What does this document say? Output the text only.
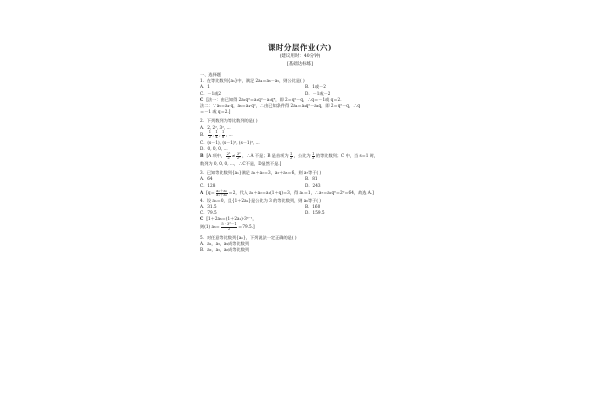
课时分层作业(六)
(建议用时：40分钟)
[基础达标练]
一、选择题
1．在等比数列{aₙ}中，满足 2a₄＝a₆－a₅，则公比是( )
A．1	B．1或－2
C．－1或2	D．－1或－2
C [法一：由已知得 2a₁q³＝a₁q⁵－a₁q⁴，即 2＝q²－q，∴q＝－1或 q＝2.
法二：∵a₅＝a₄·q，a₆＝a₄·q²，∴由已知条件得 2a₄＝a₄q²－a₄q，即 2＝q²－q，∴q
＝－1 或 q＝2.]
2．下列数列为等比数列的是( )
A．2, 2², 3², …
B． $\frac{1}{2}$ , $\frac{1}{4}$ , $\frac{1}{8}$ , …
C．(s－1), (s－1)², (s－1)³, …
D．0, 0, 0, …
B [A 项中， $\frac{\text{2²}}{2} \ne \frac{\text{3²}}{\text{2²}}$ ，∴A 不是；B 是首项为 $\frac{1}{2}$ ，公比为 $\frac{1}{2}$ 的等比数列；C 中，当 s＝1 时，
数列为 0, 0, 0, …，∴C不是，D显然不是.]
3．已知等比数列{aₙ}满足 a₁＋a₂＝3，a₂＋a₃＝6，则 a₇等于( )
A．64	B．81
C．128	D．243
A [$q= \frac{\text{a₂＋a₃}}{\text{a₁＋a₂}} =2$，代入 a₁＋a₂＝a₁(1＋q)＝3，得 a₁＝1，∴a₇＝a₁q⁶＝2⁶＝64，故选 A.]
4．设 aₙ＝0，且{1＋2aₙ}是公比为 3 的等比数列，则 a₆等于( )
A．31.5	B．160
C．79.5	D．159.5
C [1＋2a₆＝(1＋2a₁)·3⁶⁻¹，
则(1) $a_6= \frac{\text{5 · 3⁵－1}}{2} =79.5$.]
5．对任意等比数列{aₙ}，下列说法一定正确的是( )
A．a₁，a₃，a₉成等比数列
B．a₂，a₃，a₆成等比数列
